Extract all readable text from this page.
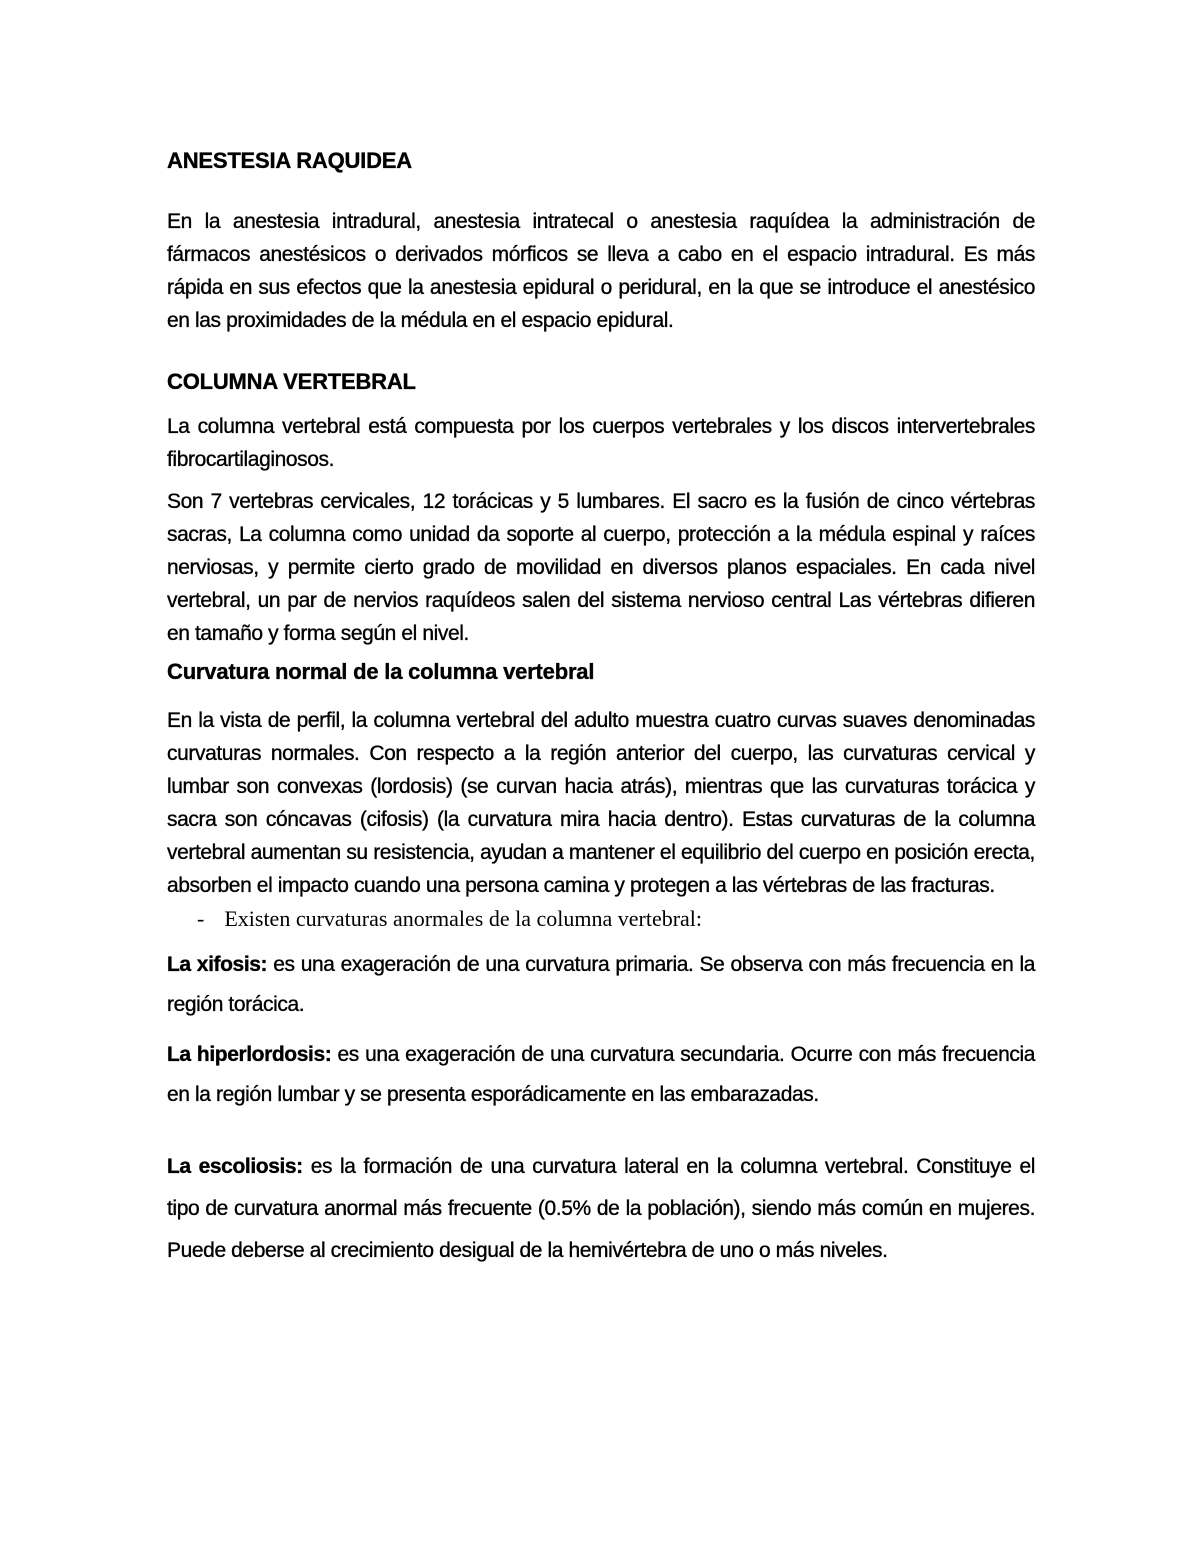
ANESTESIA RAQUIDEA

En la anestesia intradural, anestesia intratecal o anestesia raquídea la administración de fármacos anestésicos o derivados mórficos se lleva a cabo en el espacio intradural. Es más rápida en sus efectos que la anestesia epidural o peridural, en la que se introduce el anestésico en las proximidades de la médula en el espacio epidural.

COLUMNA VERTEBRAL

La columna vertebral está compuesta por los cuerpos vertebrales y los discos intervertebrales fibrocartilaginosos.

Son 7 vertebras cervicales, 12 torácicas y 5 lumbares. El sacro es la fusión de cinco vértebras sacras, La columna como unidad da soporte al cuerpo, protección a la médula espinal y raíces nerviosas, y permite cierto grado de movilidad en diversos planos espaciales. En cada nivel vertebral, un par de nervios raquídeos salen del sistema nervioso central Las vértebras difieren en tamaño y forma según el nivel.

Curvatura normal de la columna vertebral

En la vista de perfil, la columna vertebral del adulto muestra cuatro curvas suaves denominadas curvaturas normales. Con respecto a la región anterior del cuerpo, las curvaturas cervical y lumbar son convexas (lordosis) (se curvan hacia atrás), mientras que las curvaturas torácica y sacra son cóncavas (cifosis) (la curvatura mira hacia dentro). Estas curvaturas de la columna vertebral aumentan su resistencia, ayudan a mantener el equilibrio del cuerpo en posición erecta, absorben el impacto cuando una persona camina y protegen a las vértebras de las fracturas.

- Existen curvaturas anormales de la columna vertebral:

La xifosis: es una exageración de una curvatura primaria. Se observa con más frecuencia en la región torácica.

La hiperlordosis: es una exageración de una curvatura secundaria. Ocurre con más frecuencia en la región lumbar y se presenta esporádicamente en las embarazadas.

La escoliosis: es la formación de una curvatura lateral en la columna vertebral. Constituye el tipo de curvatura anormal más frecuente (0.5% de la población), siendo más común en mujeres. Puede deberse al crecimiento desigual de la hemivértebra de uno o más niveles.
